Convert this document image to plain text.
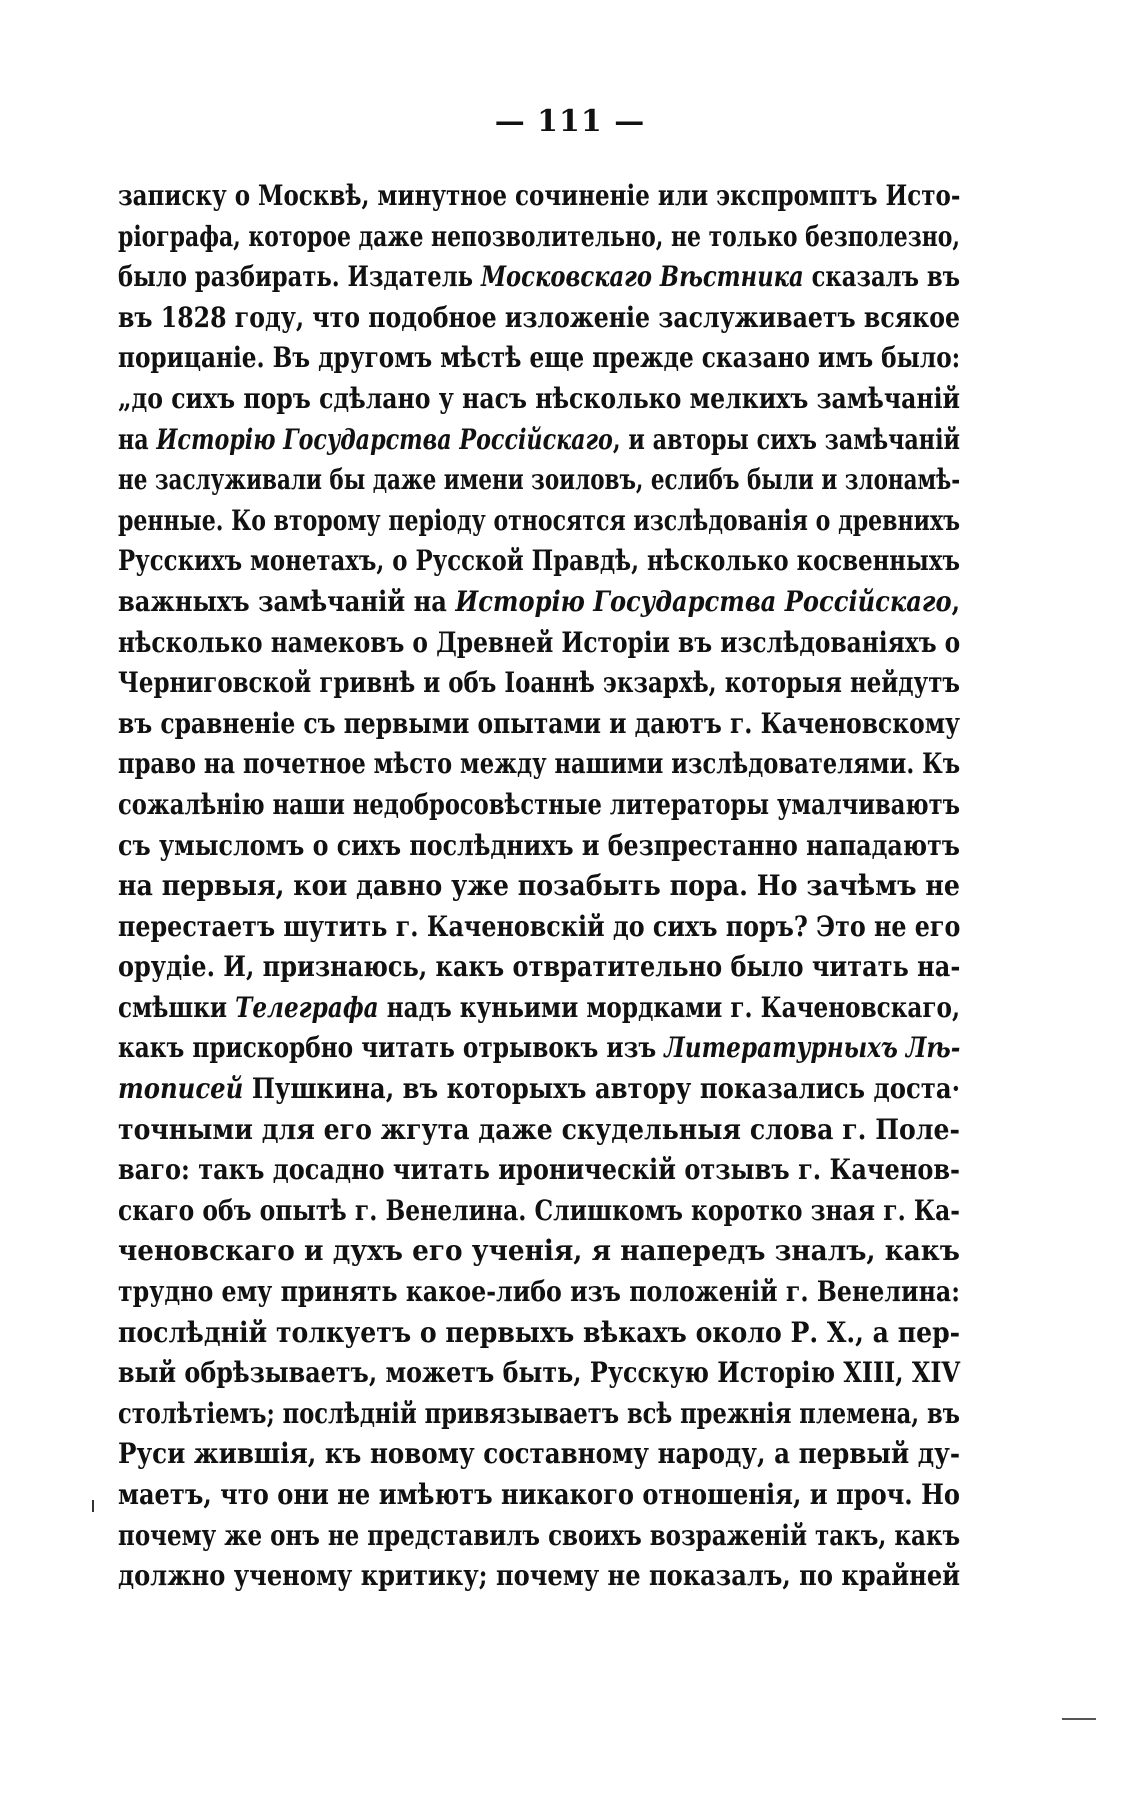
— 111 —
записку о Москвѣ, минутное сочиненіе или экспромптъ Исто-
ріографа, которое даже непозволительно, не только безполезно,
было разбирать. Издатель Московскаго Вѣстника сказалъ въ
въ 1828 году, что подобное изложеніе заслуживаетъ всякое
порицаніе. Въ другомъ мѣстѣ еще прежде сказано имъ было:
„до сихъ поръ сдѣлано у насъ нѣсколько мелкихъ замѣчаній
на Исторію Государства Россійскаго, и авторы сихъ замѣчаній
не заслуживали бы даже имени зоиловъ, еслибъ были и злонамѣ-
ренные. Ко второму періоду относятся изслѣдованія о древнихъ
Русскихъ монетахъ, о Русской Правдѣ, нѣсколько косвенныхъ
важныхъ замѣчаній на Исторію Государства Россійскаго,
нѣсколько намековъ о Древней Исторіи въ изслѣдованіяхъ о
Черниговской гривнѣ и объ Іоаннѣ экзархѣ, которыя нейдутъ
въ сравненіе съ первыми опытами и даютъ г. Каченовскому
право на почетное мѣсто между нашими изслѣдователями. Къ
сожалѣнію наши недобросовѣстные литераторы умалчиваютъ
съ умысломъ о сихъ послѣднихъ и безпрестанно нападаютъ
на первыя, кои давно уже позабыть пора. Но зачѣмъ не
перестаетъ шутить г. Каченовскій до сихъ поръ? Это не его
орудіе. И, признаюсь, какъ отвратительно было читать на-
смѣшки Телеграфа надъ куньими мордками г. Каченовскаго,
какъ прискорбно читать отрывокъ изъ Литературныхъ Лѣ-
тописей Пушкина, въ которыхъ автору показались доста·
точными для его жгута даже скудельныя слова г. Поле-
ваго: такъ досадно читать ироническій отзывъ г. Каченов-
скаго объ опытѣ г. Венелина. Слишкомъ коротко зная г. Ка-
ченовскаго и духъ его ученія, я напередъ зналъ, какъ
трудно ему принять какое-либо изъ положеній г. Венелина:
послѣдній толкуетъ о первыхъ вѣкахъ около Р. Х., а пер-
вый обрѣзываетъ, можетъ быть, Русскую Исторію XIII, XIV
столѣтіемъ; послѣдній привязываетъ всѣ прежнія племена, въ
Руси жившія, къ новому составному народу, а первый ду-
маетъ, что они не имѣютъ никакого отношенія, и проч. Но
почему же онъ не представилъ своихъ возраженій такъ, какъ
должно ученому критику; почему не показалъ, по крайней
